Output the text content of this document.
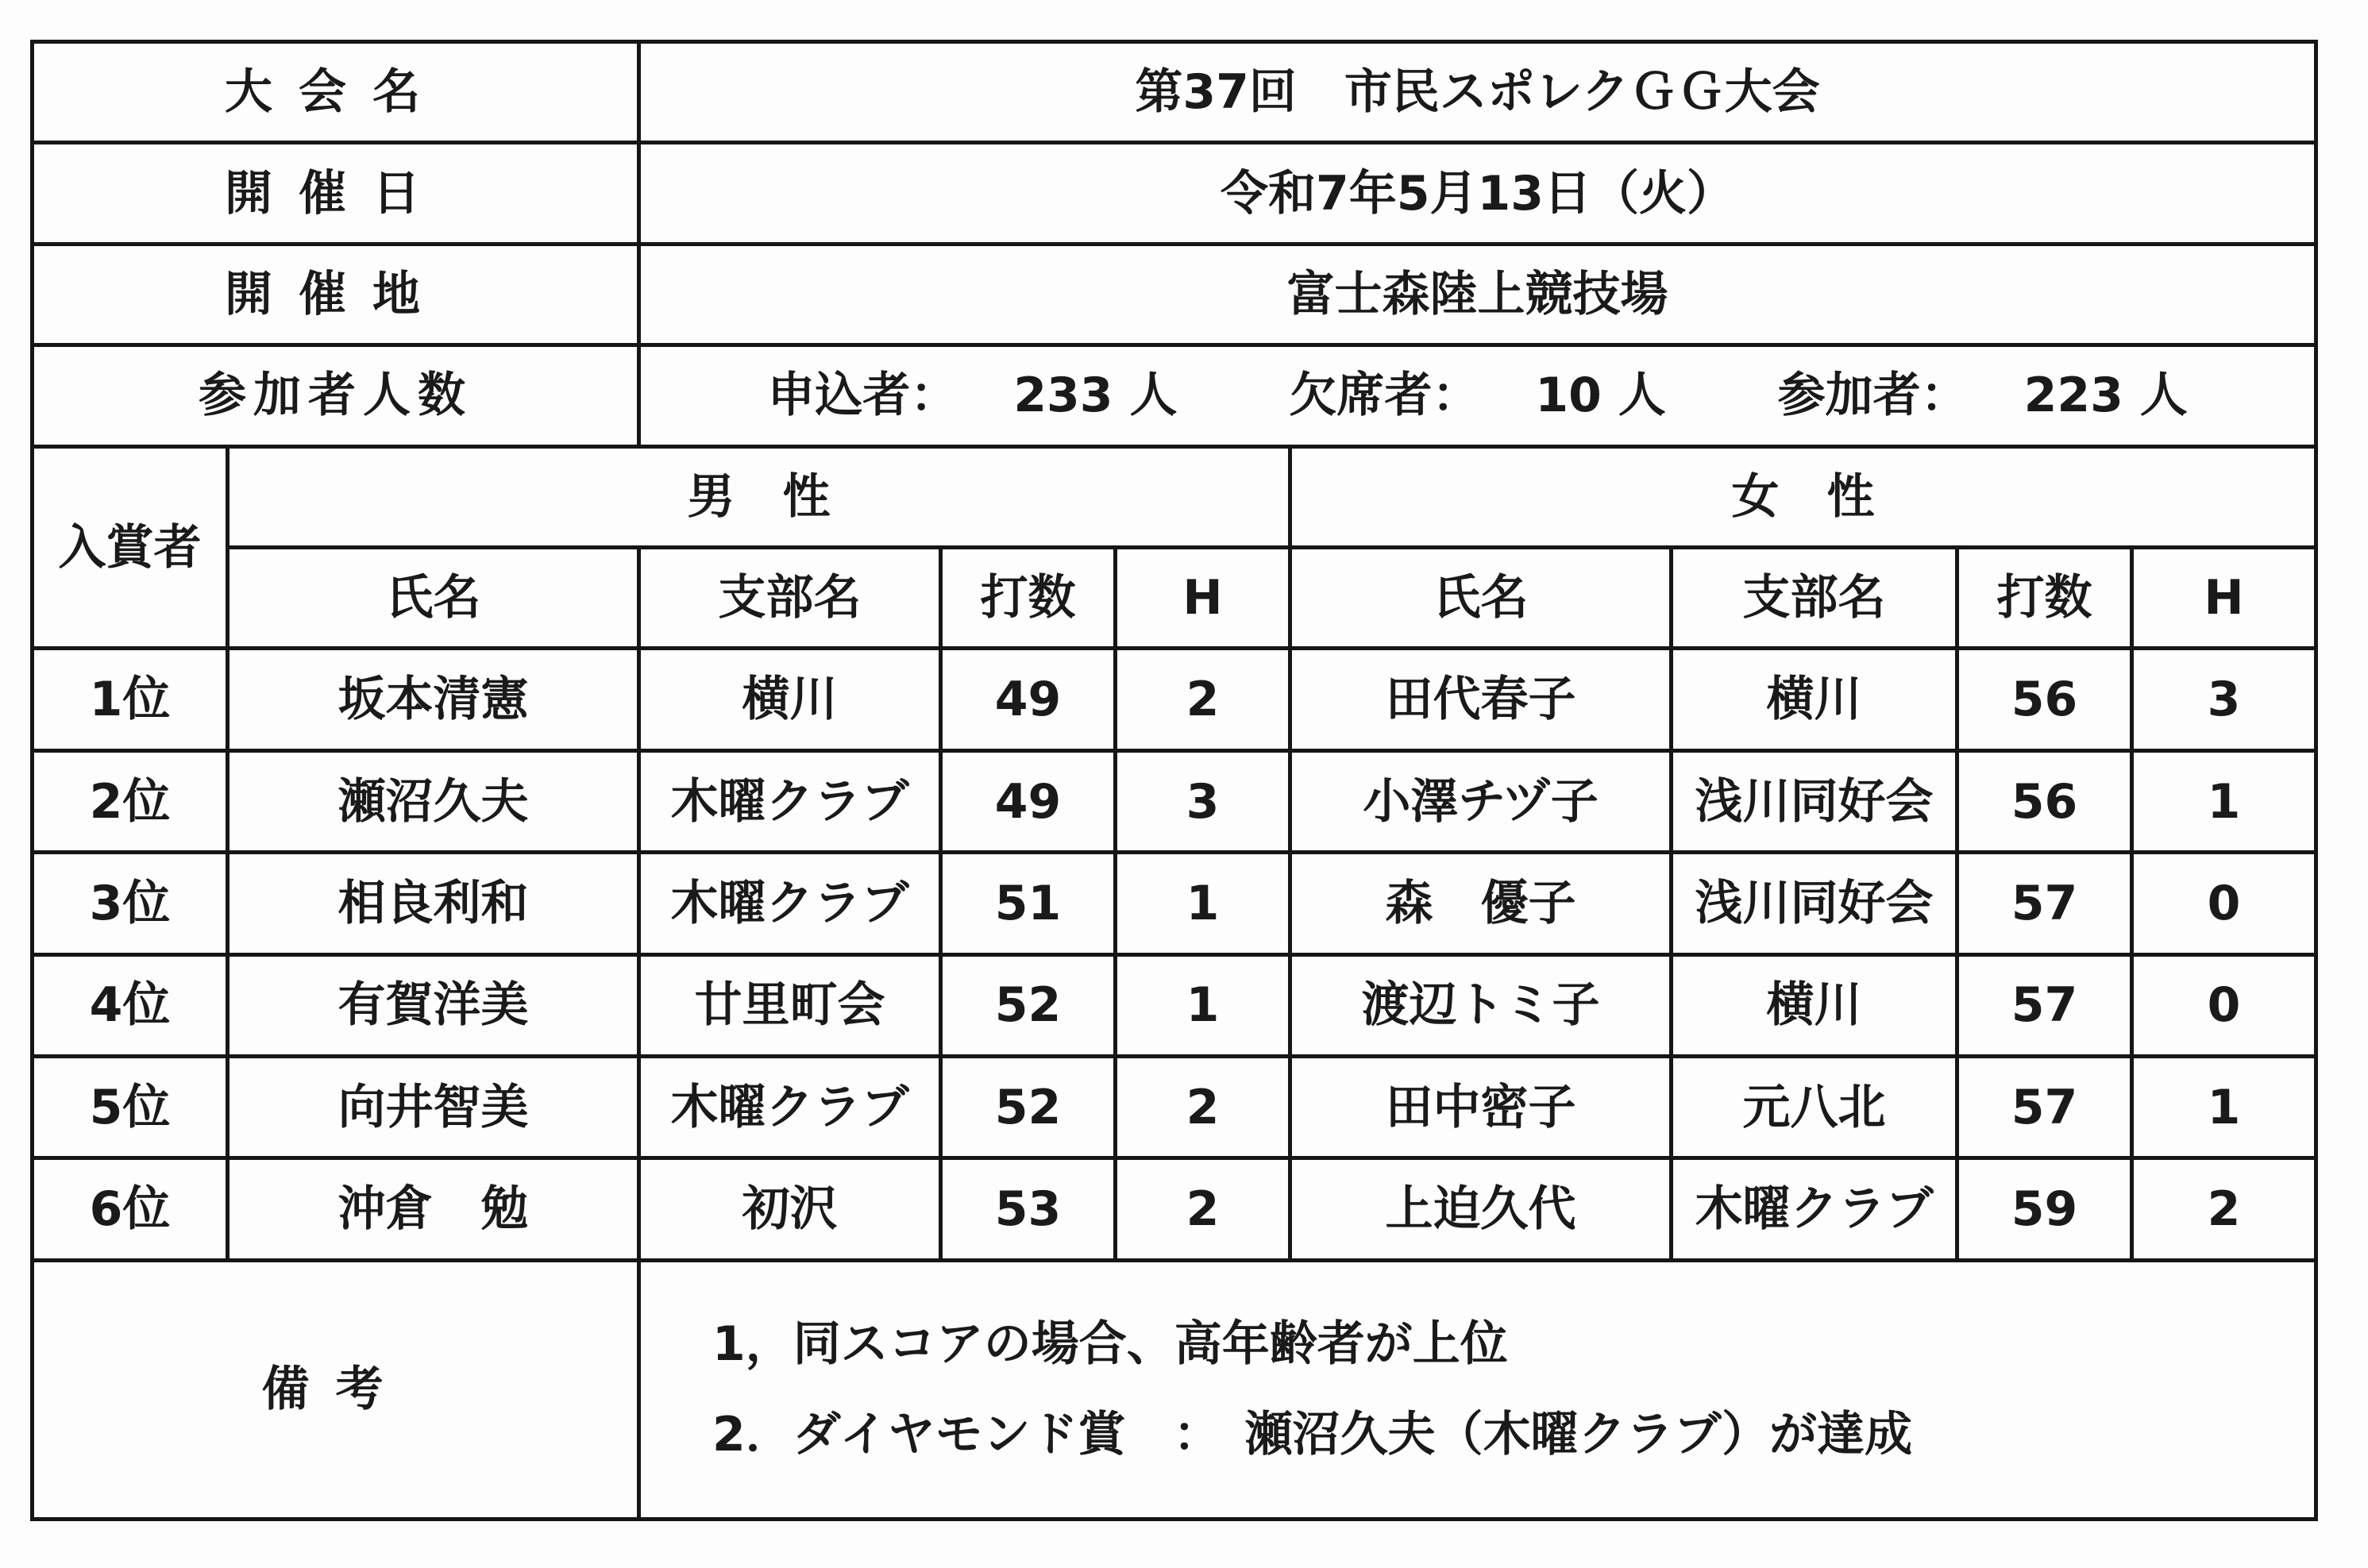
大会名		第37回　市民スポレクＧＧ大会						
開催日		令和7年5月13日（火）						
開催地		富士森陸上競技場						
参加者人数		申込者： 233 人 欠席者： 10 人 参加者： 223 人						
入賞者	男　性				女　性			
	氏名	支部名	打数	H	氏名	支部名	打数	H
1位	坂本清憲	横川	49	2	田代春子	横川	56	3
2位	瀬沼久夫	木曜クラブ	49	3	小澤チヅ子	浅川同好会	56	1
3位	相良利和	木曜クラブ	51	1	森　優子	浅川同好会	57	0
4位	有賀洋美	廿里町会	52	1	渡辺トミ子	横川	57	0
5位	向井智美	木曜クラブ	52	2	田中密子	元八北	57	1
6位	沖倉　勉	初沢	53	2	上迫久代	木曜クラブ	59	2
備考		1，同スコアの場合、高年齢者が上位
2．ダイヤモンド賞　：　瀬沼久夫（木曜クラブ）が達成						
